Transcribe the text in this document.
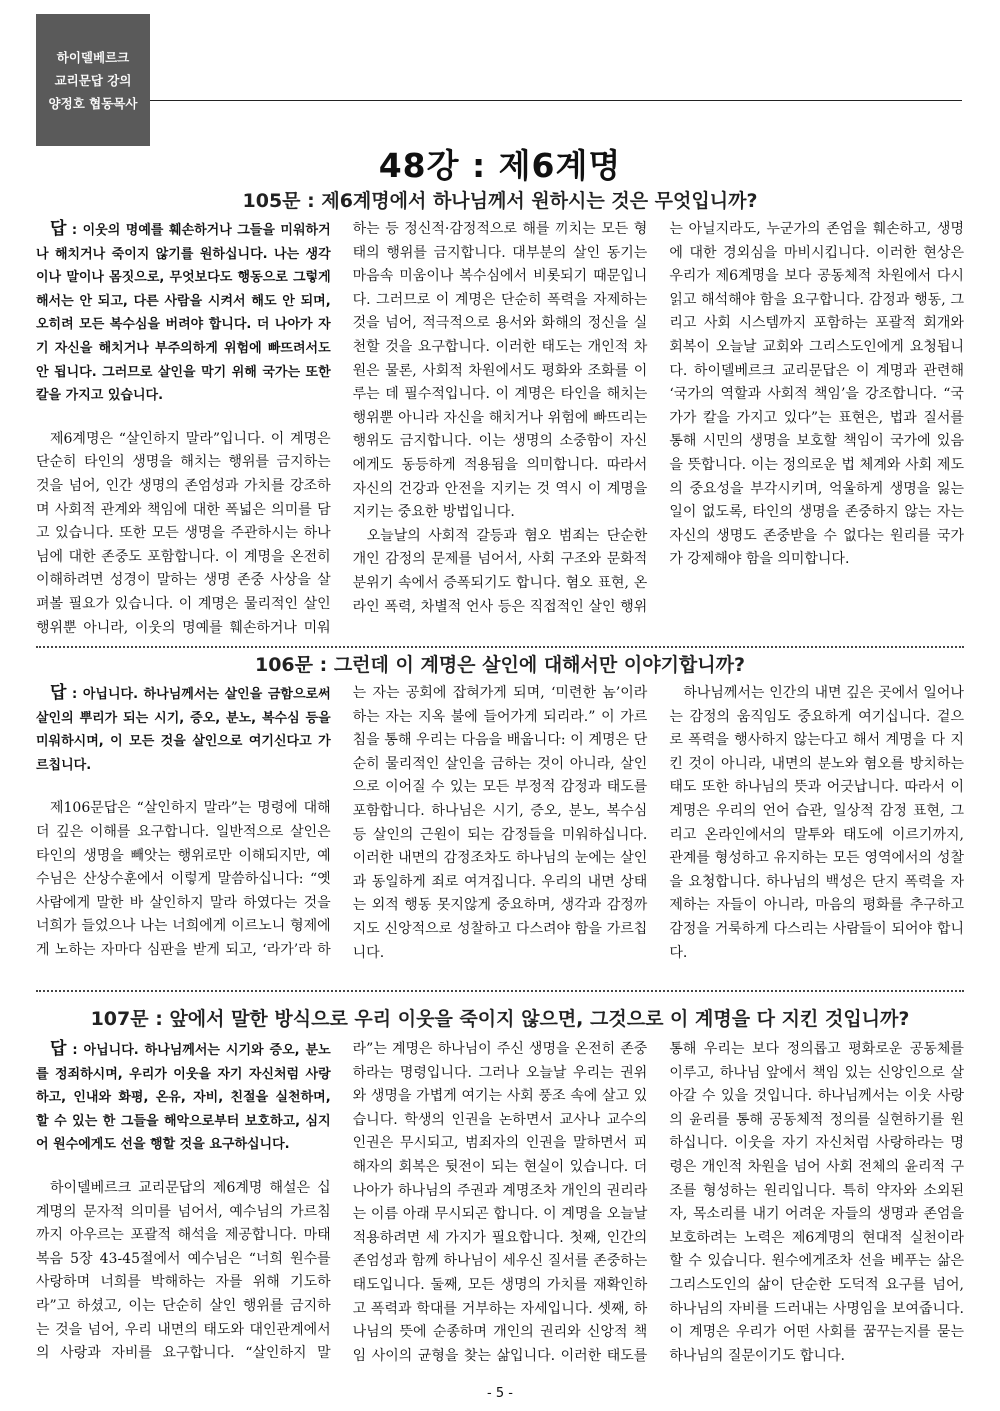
하이델베르크
교리문답 강의
양정호 협동목사
48강 : 제6계명
105문 : 제6계명에서 하나님께서 원하시는 것은 무엇입니까?

답 : 이웃의 명예를 훼손하거나 그들을 미워하거나 해치거나 죽이지 않기를 원하십니다. 나는 생각이나 말이나 몸짓으로, 무엇보다도 행동으로 그렇게 해서는 안 되고, 다른 사람을 시켜서 해도 안 되며, 오히려 모든 복수심을 버려야 합니다. 더 나아가 자기 자신을 해치거나 부주의하게 위험에 빠뜨려서도 안 됩니다. 그러므로 살인을 막기 위해 국가는 또한 칼을 가지고 있습니다.

제6계명은 “살인하지 말라”입니다. 이 계명은 단순히 타인의 생명을 해치는 행위를 금지하는 것을 넘어, 인간 생명의 존엄성과 가치를 강조하며 사회적 관계와 책임에 대한 폭넓은 의미를 담고 있습니다. 또한 모든 생명을 주관하시는 하나님에 대한 존중도 포함합니다. 이 계명을 온전히 이해하려면 성경이 말하는 생명 존중 사상을 살펴볼 필요가 있습니다. 이 계명은 물리적인 살인 행위뿐 아니라, 이웃의 명예를 훼손하거나 미워하는 등 정신적·감정적으로 해를 끼치는 모든 형태의 행위를 금지합니다. 대부분의 살인 동기는 마음속 미움이나 복수심에서 비롯되기 때문입니다. 그러므로 이 계명은 단순히 폭력을 자제하는 것을 넘어, 적극적으로 용서와 화해의 정신을 실천할 것을 요구합니다. 이러한 태도는 개인적 차원은 물론, 사회적 차원에서도 평화와 조화를 이루는 데 필수적입니다. 이 계명은 타인을 해치는 행위뿐 아니라 자신을 해치거나 위험에 빠뜨리는 행위도 금지합니다. 이는 생명의 소중함이 자신에게도 동등하게 적용됨을 의미합니다. 따라서 자신의 건강과 안전을 지키는 것 역시 이 계명을 지키는 중요한 방법입니다.

오늘날의 사회적 갈등과 혐오 범죄는 단순한 개인 감정의 문제를 넘어서, 사회 구조와 문화적 분위기 속에서 증폭되기도 합니다. 혐오 표현, 온라인 폭력, 차별적 언사 등은 직접적인 살인 행위는 아닐지라도, 누군가의 존엄을 훼손하고, 생명에 대한 경외심을 마비시킵니다. 이러한 현상은 우리가 제6계명을 보다 공동체적 차원에서 다시 읽고 해석해야 함을 요구합니다. 감정과 행동, 그리고 사회 시스템까지 포함하는 포괄적 회개와 회복이 오늘날 교회와 그리스도인에게 요청됩니다. 하이델베르크 교리문답은 이 계명과 관련해 ‘국가의 역할과 사회적 책임’을 강조합니다. “국가가 칼을 가지고 있다”는 표현은, 법과 질서를 통해 시민의 생명을 보호할 책임이 국가에 있음을 뜻합니다. 이는 정의로운 법 체계와 사회 제도의 중요성을 부각시키며, 억울하게 생명을 잃는 일이 없도록, 타인의 생명을 존중하지 않는 자는 자신의 생명도 존중받을 수 없다는 원리를 국가가 강제해야 함을 의미합니다.

106문 : 그런데 이 계명은 살인에 대해서만 이야기합니까?

답 : 아닙니다. 하나님께서는 살인을 금함으로써 살인의 뿌리가 되는 시기, 증오, 분노, 복수심 등을 미워하시며, 이 모든 것을 살인으로 여기신다고 가르칩니다.

제106문답은 “살인하지 말라”는 명령에 대해 더 깊은 이해를 요구합니다. 일반적으로 살인은 타인의 생명을 빼앗는 행위로만 이해되지만, 예수님은 산상수훈에서 이렇게 말씀하십니다: “옛 사람에게 말한 바 살인하지 말라 하였다는 것을 너희가 들었으나 나는 너희에게 이르노니 형제에게 노하는 자마다 심판을 받게 되고, ‘라가’라 하는 자는 공회에 잡혀가게 되며, ‘미련한 놈’이라 하는 자는 지옥 불에 들어가게 되리라.” 이 가르침을 통해 우리는 다음을 배웁니다: 이 계명은 단순히 물리적인 살인을 금하는 것이 아니라, 살인으로 이어질 수 있는 모든 부정적 감정과 태도를 포함합니다. 하나님은 시기, 증오, 분노, 복수심 등 살인의 근원이 되는 감정들을 미워하십니다. 이러한 내면의 감정조차도 하나님의 눈에는 살인과 동일하게 죄로 여겨집니다. 우리의 내면 상태는 외적 행동 못지않게 중요하며, 생각과 감정까지도 신앙적으로 성찰하고 다스려야 함을 가르칩니다.

하나님께서는 인간의 내면 깊은 곳에서 일어나는 감정의 움직임도 중요하게 여기십니다. 겉으로 폭력을 행사하지 않는다고 해서 계명을 다 지킨 것이 아니라, 내면의 분노와 혐오를 방치하는 태도 또한 하나님의 뜻과 어긋납니다. 따라서 이 계명은 우리의 언어 습관, 일상적 감정 표현, 그리고 온라인에서의 말투와 태도에 이르기까지, 관계를 형성하고 유지하는 모든 영역에서의 성찰을 요청합니다. 하나님의 백성은 단지 폭력을 자제하는 자들이 아니라, 마음의 평화를 추구하고 감정을 거룩하게 다스리는 사람들이 되어야 합니다.

107문 : 앞에서 말한 방식으로 우리 이웃을 죽이지 않으면, 그것으로 이 계명을 다 지킨 것입니까?

답 : 아닙니다. 하나님께서는 시기와 증오, 분노를 정죄하시며, 우리가 이웃을 자기 자신처럼 사랑하고, 인내와 화평, 온유, 자비, 친절을 실천하며, 할 수 있는 한 그들을 해악으로부터 보호하고, 심지어 원수에게도 선을 행할 것을 요구하십니다.

하이델베르크 교리문답의 제6계명 해설은 십계명의 문자적 의미를 넘어서, 예수님의 가르침까지 아우르는 포괄적 해석을 제공합니다. 마태복음 5장 43-45절에서 예수님은 “너희 원수를 사랑하며 너희를 박해하는 자를 위해 기도하라”고 하셨고, 이는 단순히 살인 행위를 금지하는 것을 넘어, 우리 내면의 태도와 대인관계에서의 사랑과 자비를 요구합니다. “살인하지 말라”는 계명은 하나님이 주신 생명을 온전히 존중하라는 명령입니다. 그러나 오늘날 우리는 권위와 생명을 가볍게 여기는 사회 풍조 속에 살고 있습니다. 학생의 인권을 논하면서 교사나 교수의 인권은 무시되고, 범죄자의 인권을 말하면서 피해자의 회복은 뒷전이 되는 현실이 있습니다. 더 나아가 하나님의 주권과 계명조차 개인의 권리라는 이름 아래 무시되곤 합니다. 이 계명을 오늘날 적용하려면 세 가지가 필요합니다. 첫째, 인간의 존엄성과 함께 하나님이 세우신 질서를 존중하는 태도입니다. 둘째, 모든 생명의 가치를 재확인하고 폭력과 학대를 거부하는 자세입니다. 셋째, 하나님의 뜻에 순종하며 개인의 권리와 신앙적 책임 사이의 균형을 찾는 삶입니다. 이러한 태도를 통해 우리는 보다 정의롭고 평화로운 공동체를 이루고, 하나님 앞에서 책임 있는 신앙인으로 살아갈 수 있을 것입니다. 하나님께서는 이웃 사랑의 윤리를 통해 공동체적 정의를 실현하기를 원하십니다. 이웃을 자기 자신처럼 사랑하라는 명령은 개인적 차원을 넘어 사회 전체의 윤리적 구조를 형성하는 원리입니다. 특히 약자와 소외된 자, 목소리를 내기 어려운 자들의 생명과 존엄을 보호하려는 노력은 제6계명의 현대적 실천이라 할 수 있습니다. 원수에게조차 선을 베푸는 삶은 그리스도인의 삶이 단순한 도덕적 요구를 넘어, 하나님의 자비를 드러내는 사명임을 보여줍니다. 이 계명은 우리가 어떤 사회를 꿈꾸는지를 묻는 하나님의 질문이기도 합니다.

- 5 -
